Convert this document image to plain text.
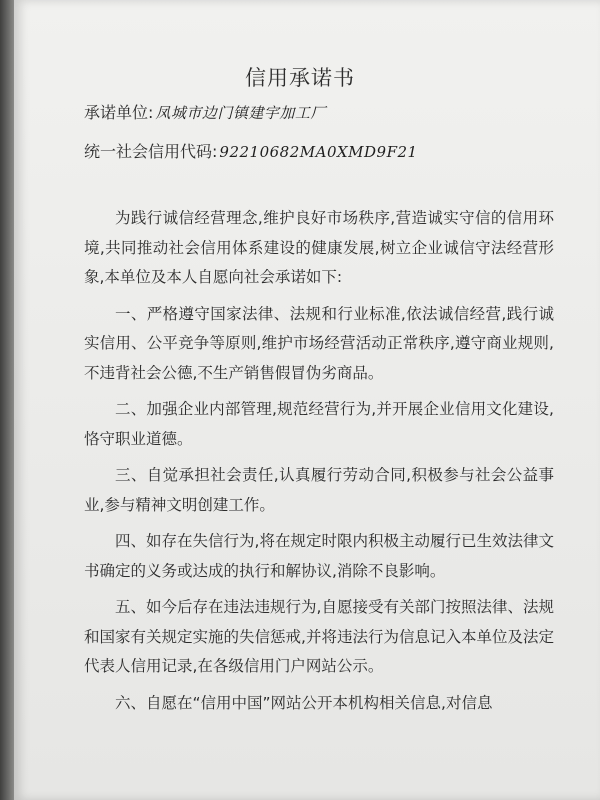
信用承诺书
承诺单位: 凤城市边门镇建宇加工厂
统一社会信用代码: 92210682MA0XMD9F21

为践行诚信经营理念,维护良好市场秩序,营造诚实守信的信用环境,共同推动社会信用体系建设的健康发展,树立企业诚信守法经营形象,本单位及本人自愿向社会承诺如下:

一、严格遵守国家法律、法规和行业标准,依法诚信经营,践行诚实信用、公平竞争等原则,维护市场经营活动正常秩序,遵守商业规则,不违背社会公德,不生产销售假冒伪劣商品。

二、加强企业内部管理,规范经营行为,并开展企业信用文化建设,恪守职业道德。

三、自觉承担社会责任,认真履行劳动合同,积极参与社会公益事业,参与精神文明创建工作。

四、如存在失信行为,将在规定时限内积极主动履行已生效法律文书确定的义务或达成的执行和解协议,消除不良影响。

五、如今后存在违法违规行为,自愿接受有关部门按照法律、法规和国家有关规定实施的失信惩戒,并将违法行为信息记入本单位及法定代表人信用记录,在各级信用门户网站公示。

六、自愿在“信用中国”网站公开本机构相关信息,对信息
